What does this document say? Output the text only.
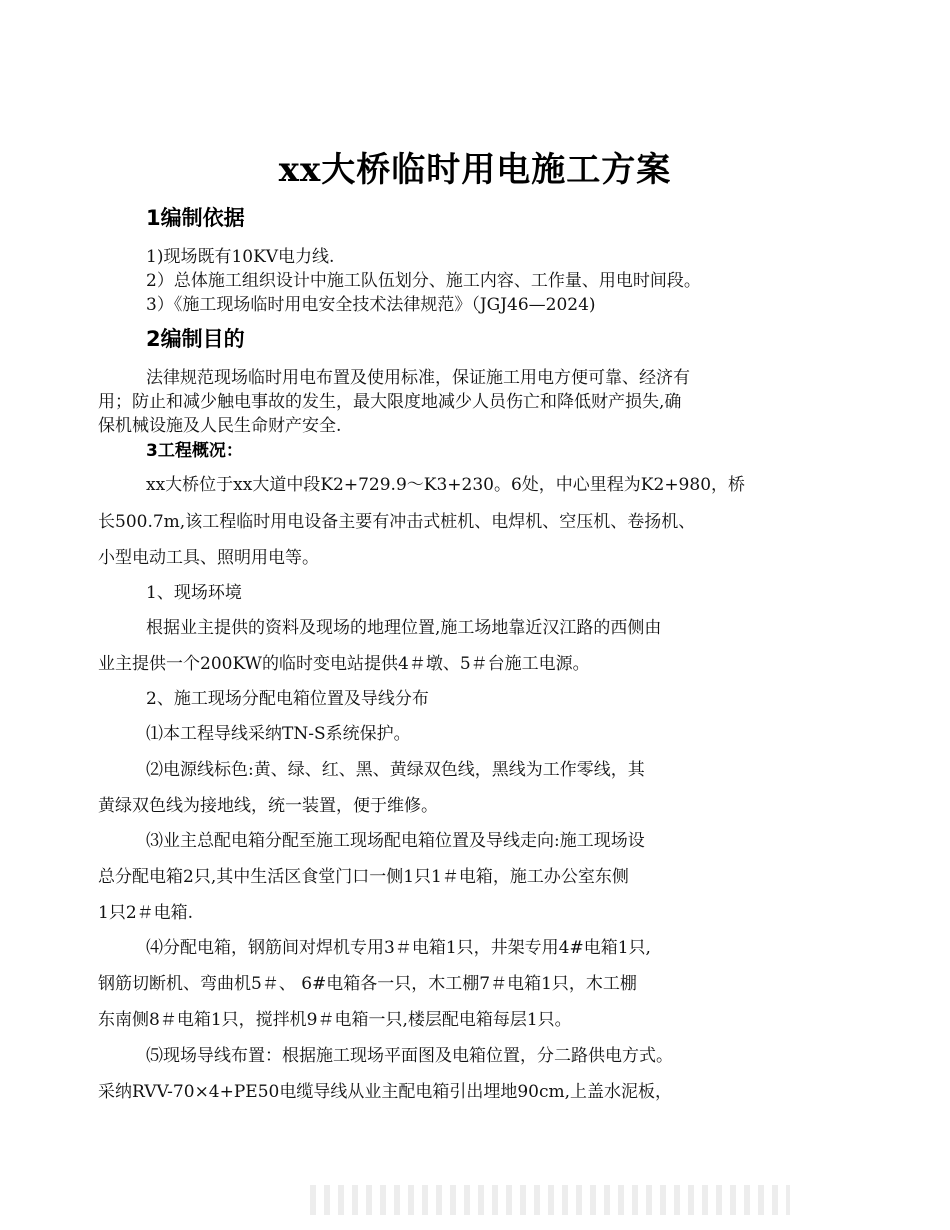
xx大桥临时用电施工方案
1编制依据
1)现场既有10KV电力线.
2）总体施工组织设计中施工队伍划分、施工内容、工作量、用电时间段。
3）《施工现场临时用电安全技术法律规范》（JGJ46—2024)
2编制目的
法律规范现场临时用电布置及使用标准，保证施工用电方便可靠、经济有
用；防止和减少触电事故的发生，最大限度地减少人员伤亡和降低财产损失,确
保机械设施及人民生命财产安全.
3工程概况：
xx大桥位于xx大道中段K2+729.9～K3+230。6处，中心里程为K2+980，桥
长500.7m,该工程临时用电设备主要有冲击式桩机、电焊机、空压机、卷扬机、
小型电动工具、照明用电等。
1、现场环境
根据业主提供的资料及现场的地理位置,施工场地靠近汉江路的西侧由
业主提供一个200KW的临时变电站提供4＃墩、5＃台施工电源。
2、施工现场分配电箱位置及导线分布
⑴本工程导线采纳TN-S系统保护。
⑵电源线标色:黄、绿、红、黑、黄绿双色线，黑线为工作零线，其
黄绿双色线为接地线，统一装置，便于维修。
⑶业主总配电箱分配至施工现场配电箱位置及导线走向:施工现场设
总分配电箱2只,其中生活区食堂门口一侧1只1＃电箱，施工办公室东侧
1只2＃电箱.
⑷分配电箱，钢筋间对焊机专用3＃电箱1只，井架专用4#电箱1只,
钢筋切断机、弯曲机5＃、 6#电箱各一只，木工棚7＃电箱1只，木工棚
东南侧8＃电箱1只，搅拌机9＃电箱一只,楼层配电箱每层1只。
⑸现场导线布置：根据施工现场平面图及电箱位置，分二路供电方式。
采纳RVV-70×4+PE50电缆导线从业主配电箱引出埋地90cm,上盖水泥板，
